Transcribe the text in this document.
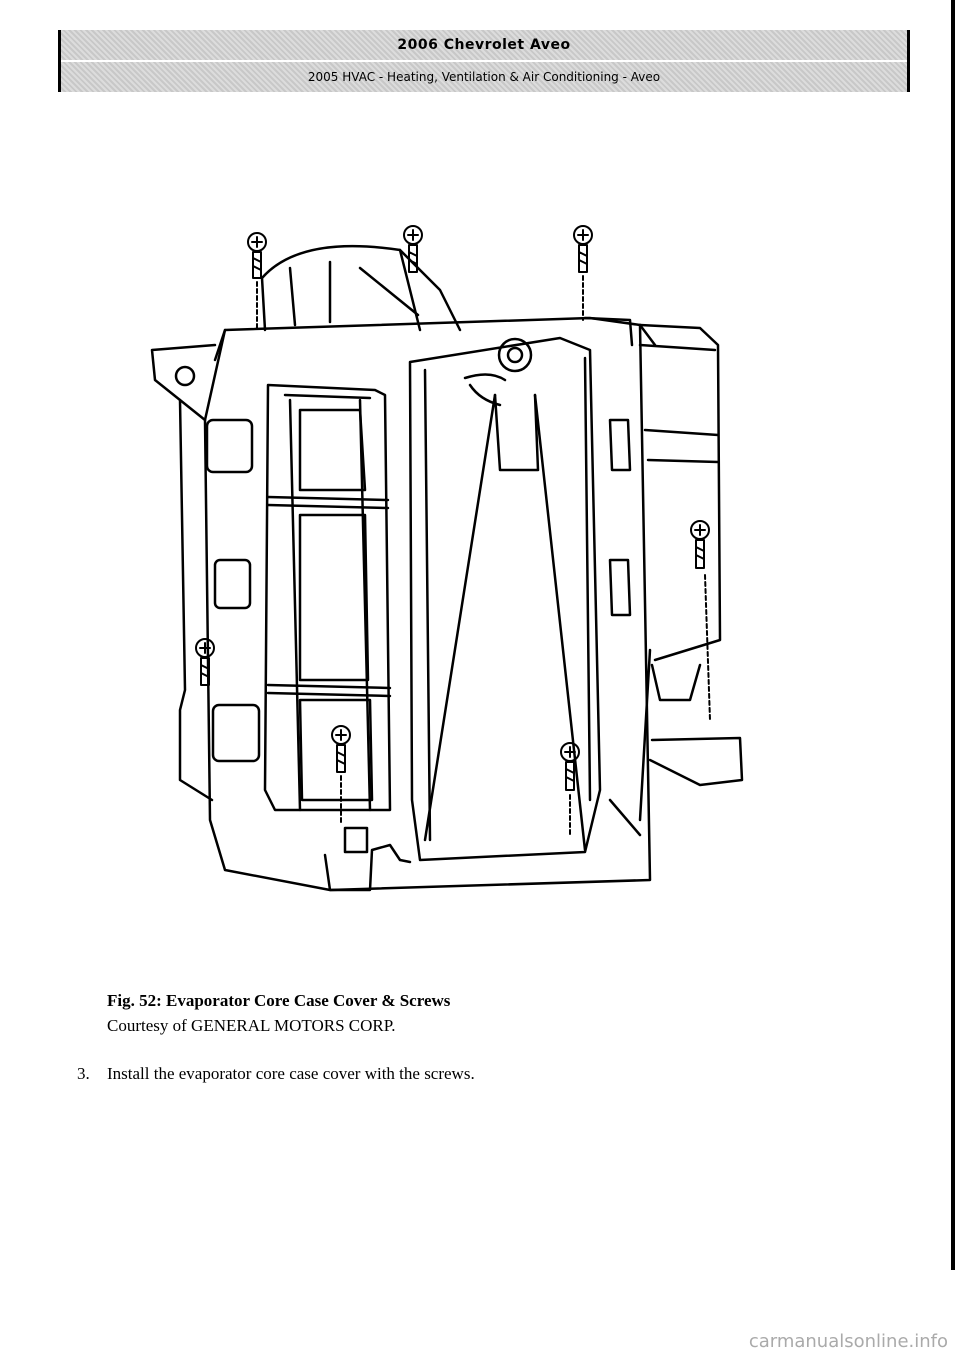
2006 Chevrolet Aveo
2005 HVAC - Heating, Ventilation & Air Conditioning - Aveo
Fig. 52: Evaporator Core Case Cover & Screws
Courtesy of GENERAL MOTORS CORP.
3.	Install the evaporator core case cover with the screws.
carmanualsonline.info
